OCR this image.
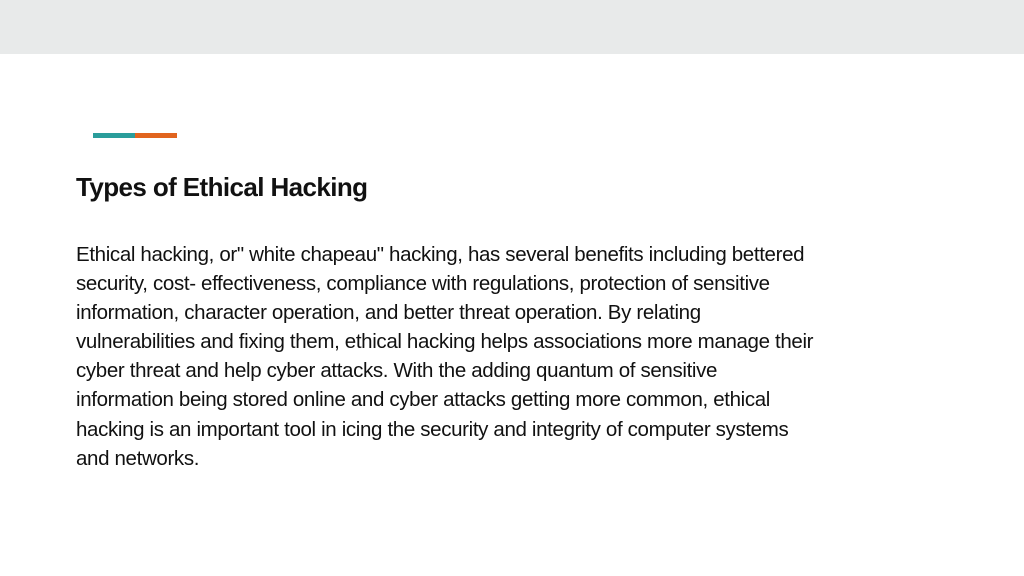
Types of Ethical Hacking
Ethical hacking, or" white chapeau" hacking, has several benefits including bettered
security, cost- effectiveness, compliance with regulations, protection of sensitive
information, character operation, and better threat operation. By relating
vulnerabilities and fixing them, ethical hacking helps associations more manage their
cyber threat and help cyber attacks. With the adding quantum of sensitive
information being stored online and cyber attacks getting more common, ethical
hacking is an important tool in icing the security and integrity of computer systems
and networks.
